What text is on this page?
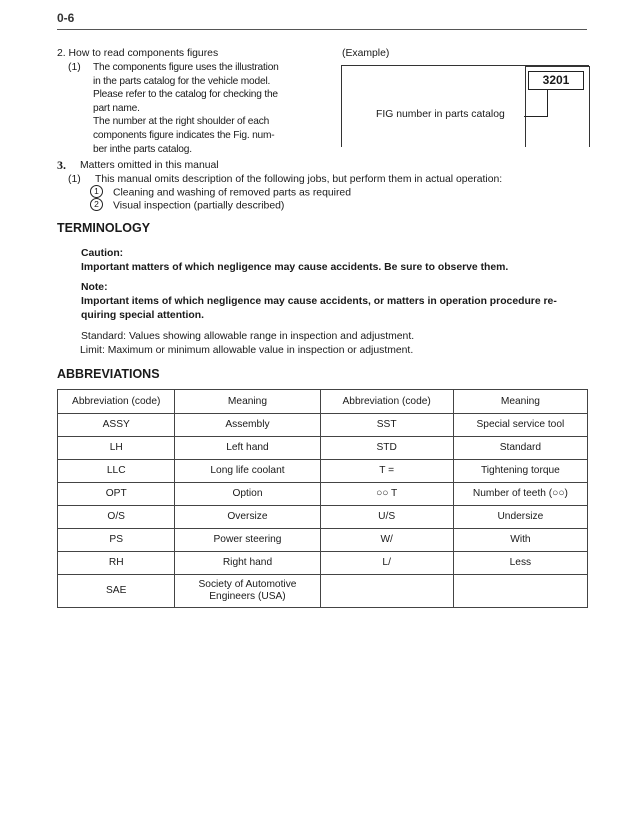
0-6
2. How to read components figures
(1) The components figure uses the illustration
in the parts catalog for the vehicle model.
Please refer to the catalog for checking the
part name.
The number at the right shoulder of each
components figure indicates the Fig. num-
ber inthe parts catalog.
(Example)
3201
FIG number in parts catalog
3. Matters omitted in this manual
(1) This manual omits description of the following jobs, but perform them in actual operation:
1 Cleaning and washing of removed parts as required
2 Visual inspection (partially described)
TERMINOLOGY
Caution:
Important matters of which negligence may cause accidents. Be sure to observe them.
Note:
Important items of which negligence may cause accidents, or matters in operation procedure re-
quiring special attention.
Standard: Values showing allowable range in inspection and adjustment.
Limit: Maximum or minimum allowable value in inspection or adjustment.
ABBREVIATIONS
Abbreviation (code)	Meaning	Abbreviation (code)	Meaning
ASSY	Assembly	SST	Special service tool
LH	Left hand	STD	Standard
LLC	Long life coolant	T =	Tightening torque
OPT	Option	○○ T	Number of teeth (○○)
O/S	Oversize	U/S	Undersize
PS	Power steering	W/	With
RH	Right hand	L/	Less
SAE	Society of Automotive
Engineers (USA)		
